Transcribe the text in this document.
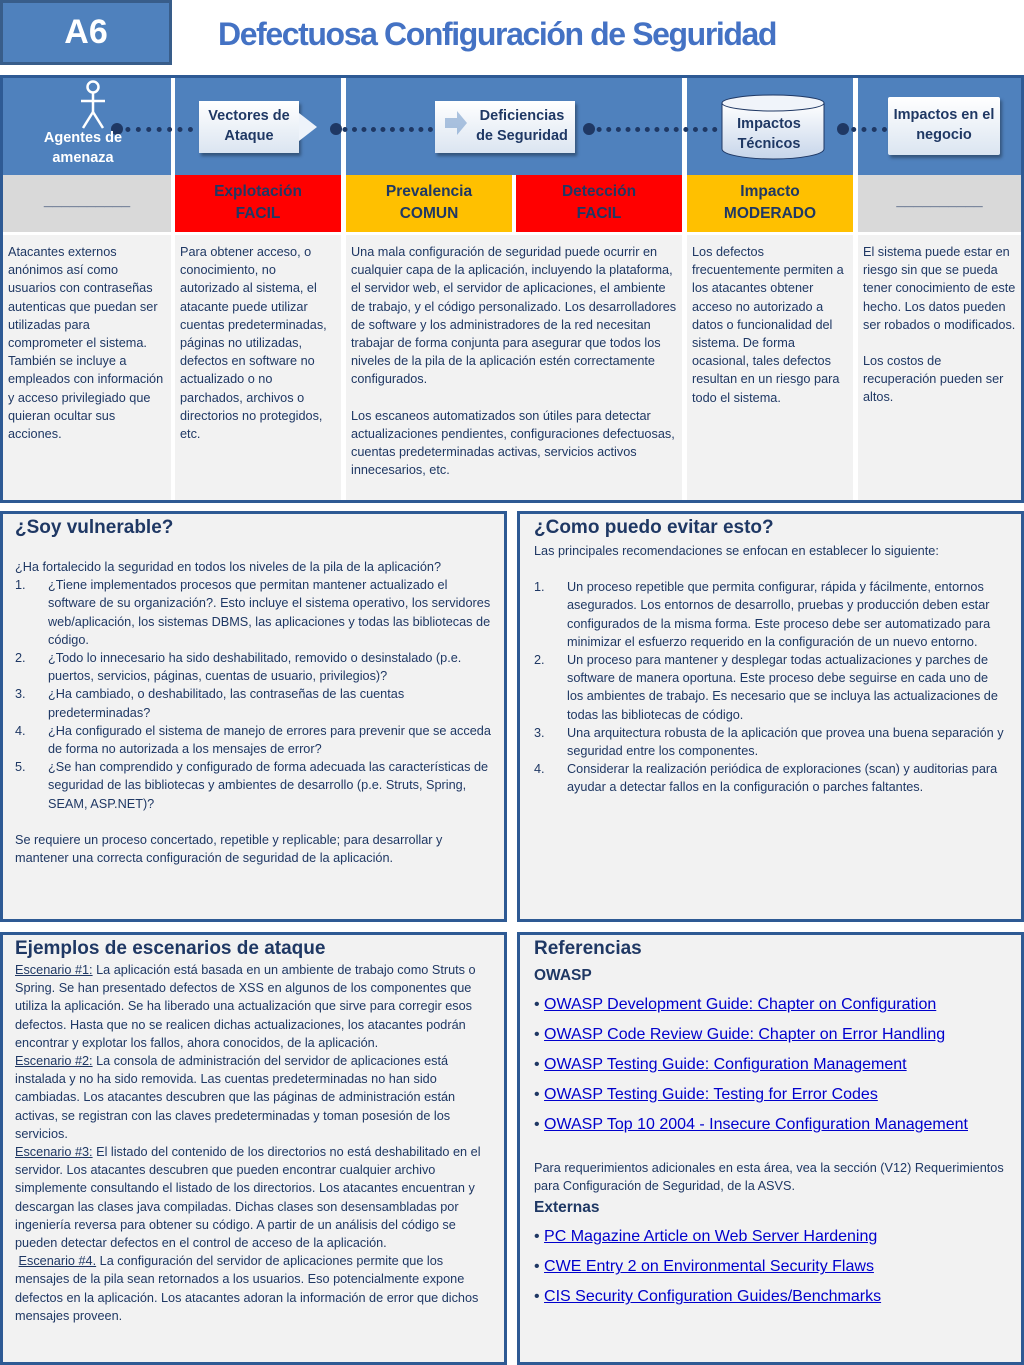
A6	Defectuosa Configuración de Seguridad
__________

Atacantes externos anónimos así como usuarios con contraseñas autenticas que puedan ser utilizadas para comprometer el sistema. También se incluye a empleados con información y acceso privilegiado que quieran ocultar sus acciones.

Explotación
FACIL

Para obtener acceso, o conocimiento, no autorizado al sistema, el atacante puede utilizar cuentas predeterminadas, páginas no utilizadas, defectos en software no actualizado o no parchados, archivos o directorios no protegidos, etc.

Prevalencia
COMUN
Detección
FACIL

Una mala configuración de seguridad puede ocurrir en cualquier capa de la aplicación, incluyendo la plataforma, el servidor web, el servidor de aplicaciones, el ambiente de trabajo, y el código personalizado. Los desarrolladores de software y los administradores de la red necesitan trabajar de forma conjunta para asegurar que todos los niveles de la pila de la aplicación estén correctamente configurados.

Los escaneos automatizados son útiles para detectar actualizaciones pendientes, configuraciones defectuosas, cuentas predeterminadas activas, servicios activos innecesarios, etc.

Impacto
MODERADO

Los defectos frecuentemente permiten a los atacantes obtener acceso no autorizado a datos o funcionalidad del sistema. De forma ocasional, tales defectos resultan en un riesgo para todo el sistema.

__________

El sistema puede estar en riesgo sin que se pueda tener conocimiento de este hecho. Los datos pueden ser robados o modificados.

Los costos de recuperación pueden ser altos.

Agentes de amenaza
Vectores de Ataque
Deficiencias de Seguridad
Impactos Técnicos
Impactos en el negocio
¿Soy vulnerable?
¿Ha fortalecido la seguridad en todos los niveles de la pila de la aplicación?
1. ¿Tiene implementados procesos que permitan mantener actualizado el software de su organización?. Esto incluye el sistema operativo, los servidores web/aplicación, los sistemas DBMS, las aplicaciones y todas las bibliotecas de código.
2. ¿Todo lo innecesario ha sido deshabilitado, removido o desinstalado (p.e. puertos, servicios, páginas, cuentas de usuario, privilegios)?
3. ¿Ha cambiado, o deshabilitado, las contraseñas de las cuentas predeterminadas?
4. ¿Ha configurado el sistema de manejo de errores para prevenir que se acceda de forma no autorizada a los mensajes de error?
5. ¿Se han comprendido y configurado de forma adecuada las características de seguridad de las bibliotecas y ambientes de desarrollo (p.e. Struts, Spring, SEAM, ASP.NET)?
Se requiere un proceso concertado, repetible y replicable; para desarrollar y mantener una correcta configuración de seguridad de la aplicación.
¿Como puedo evitar esto?
Las principales recomendaciones se enfocan en establecer lo siguiente:
1. Un proceso repetible que permita configurar, rápida y fácilmente, entornos asegurados. Los entornos de desarrollo, pruebas y producción deben estar configurados de la misma forma. Este proceso debe ser automatizado para minimizar el esfuerzo requerido en la configuración de un nuevo entorno.
2. Un proceso para mantener y desplegar todas actualizaciones y parches de software de manera oportuna. Este proceso debe seguirse en cada uno de los ambientes de trabajo. Es necesario que se incluya las actualizaciones de todas las bibliotecas de código.
3. Una arquitectura robusta de la aplicación que provea una buena separación y seguridad entre los componentes.
4. Considerar la realización periódica de exploraciones (scan) y auditorias para ayudar a detectar fallos en la configuración o parches faltantes.
Ejemplos de escenarios de ataque
Escenario #1: La aplicación está basada en un ambiente de trabajo como Struts o Spring. Se han presentado defectos de XSS en algunos de los componentes que utiliza la aplicación. Se ha liberado una actualización que sirve para corregir esos defectos. Hasta que no se realicen dichas actualizaciones, los atacantes podrán encontrar y explotar los fallos, ahora conocidos, de la aplicación.
Escenario #2: La consola de administración del servidor de aplicaciones está instalada y no ha sido removida. Las cuentas predeterminadas no han sido cambiadas. Los atacantes descubren que las páginas de administración están activas, se registran con las claves predeterminadas y toman posesión de los servicios.
Escenario #3: El listado del contenido de los directorios no está deshabilitado en el servidor. Los atacantes descubren que pueden encontrar cualquier archivo simplemente consultando el listado de los directorios. Los atacantes encuentran y descargan las clases java compiladas. Dichas clases son desensambladas por ingeniería reversa para obtener su código. A partir de un análisis del código se pueden detectar defectos en el control de acceso de la aplicación.
Escenario #4. La configuración del servidor de aplicaciones permite que los mensajes de la pila sean retornados a los usuarios. Eso potencialmente expone defectos en la aplicación. Los atacantes adoran la información de error que dichos mensajes proveen.
Referencias
OWASP
• OWASP Development Guide: Chapter on Configuration
• OWASP Code Review Guide: Chapter on Error Handling
• OWASP Testing Guide: Configuration Management
• OWASP Testing Guide: Testing for Error Codes
• OWASP Top 10 2004 - Insecure Configuration Management
Para requerimientos adicionales en esta área, vea la sección (V12) Requerimientos para Configuración de Seguridad, de la ASVS.
Externas
• PC Magazine Article on Web Server Hardening
• CWE Entry 2 on Environmental Security Flaws
• CIS Security Configuration Guides/Benchmarks
